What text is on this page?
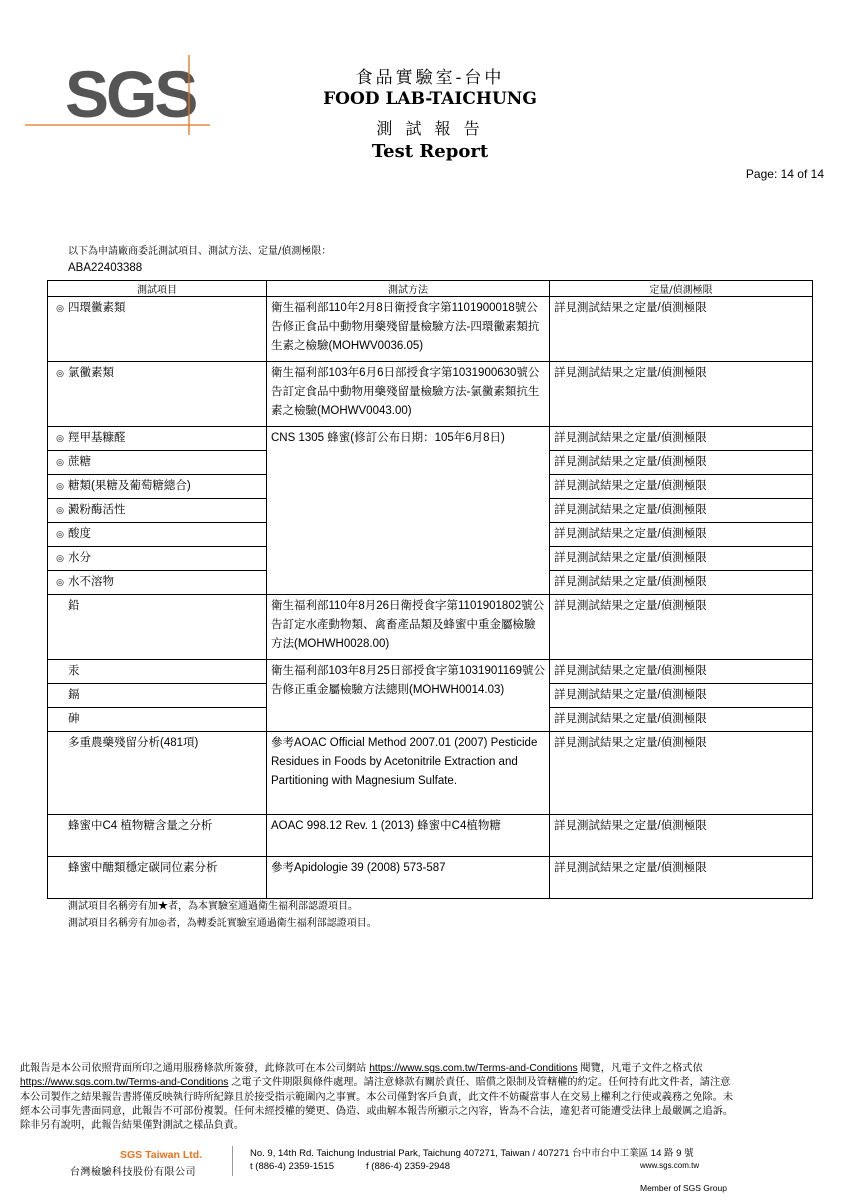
SGS	食品實驗室-台中
FOOD LAB-TAICHUNG
測 試 報 告
Test Report
Page: 14 of 14
以下為申請廠商委託測試項目、測試方法、定量/偵測極限：
ABA22403388
測試項目	測試方法	定量/偵測極限
◎ 四環黴素類	衛生福利部110年2月8日衛授食字第1101900018號公告修正食品中動物用藥殘留量檢驗方法-四環黴素類抗生素之檢驗(MOHWV0036.05)	詳見測試結果之定量/偵測極限
◎ 氯黴素類	衛生福利部103年6月6日部授食字第1031900630號公告訂定食品中動物用藥殘留量檢驗方法-氯黴素類抗生素之檢驗(MOHWV0043.00)	詳見測試結果之定量/偵測極限
◎ 羥甲基糠醛	CNS 1305 蜂蜜(修訂公布日期：105年6月8日)	詳見測試結果之定量/偵測極限
◎ 蔗糖		詳見測試結果之定量/偵測極限
◎ 糖類(果糖及葡萄糖總合)		詳見測試結果之定量/偵測極限
◎ 澱粉酶活性		詳見測試結果之定量/偵測極限
◎ 酸度		詳見測試結果之定量/偵測極限
◎ 水分		詳見測試結果之定量/偵測極限
◎ 水不溶物		詳見測試結果之定量/偵測極限
鉛	衛生福利部110年8月26日衛授食字第1101901802號公告訂定水產動物類、禽畜產品類及蜂蜜中重金屬檢驗方法(MOHWH0028.00)	詳見測試結果之定量/偵測極限
汞	衛生福利部103年8月25日部授食字第1031901169號公告修正重金屬檢驗方法總則(MOHWH0014.03)	詳見測試結果之定量/偵測極限
鎘		詳見測試結果之定量/偵測極限
砷		詳見測試結果之定量/偵測極限
多重農藥殘留分析(481項)	參考AOAC Official Method 2007.01 (2007) Pesticide Residues in Foods by Acetonitrile Extraction and Partitioning with Magnesium Sulfate.	詳見測試結果之定量/偵測極限
蜂蜜中C4 植物糖含量之分析	AOAC 998.12 Rev. 1 (2013) 蜂蜜中C4植物糖	詳見測試結果之定量/偵測極限
蜂蜜中醣類穩定碳同位素分析	參考Apidologie 39 (2008) 573-587	詳見測試結果之定量/偵測極限
測試項目名稱旁有加★者，為本實驗室通過衛生福利部認證項目。
測試項目名稱旁有加◎者，為轉委託實驗室通過衛生福利部認證項目。

此報告是本公司依照背面所印之通用服務條款所簽發，此條款可在本公司網站 https://www.sgs.com.tw/Terms-and-Conditions 閱覽，凡電子文件之格式依

https://www.sgs.com.tw/Terms-and-Conditions 之電子文件期限與條件處理。請注意條款有關於責任、賠償之限制及管轄權的約定。任何持有此文件者，請注意

本公司製作之結果報告書將僅反映執行時所紀錄且於接受指示範圍內之事實。本公司僅對客戶負責，此文件不妨礙當事人在交易上權利之行使或義務之免除。未

經本公司事先書面同意，此報告不可部份複製。任何未經授權的變更、偽造、或曲解本報告所顯示之內容，皆為不合法，違犯者可能遭受法律上最嚴厲之追訴。

除非另有說明，此報告結果僅對測試之樣品負責。

SGS Taiwan Ltd.
台灣檢驗科技股份有限公司
No. 9, 14th Rd. Taichung Industrial Park, Taichung 407271, Taiwan / 407271 台中市台中工業區 14 路 9 號
t (886-4) 2359-1515	f (886-4) 2359-2948	www.sgs.com.tw
Member of SGS Group
